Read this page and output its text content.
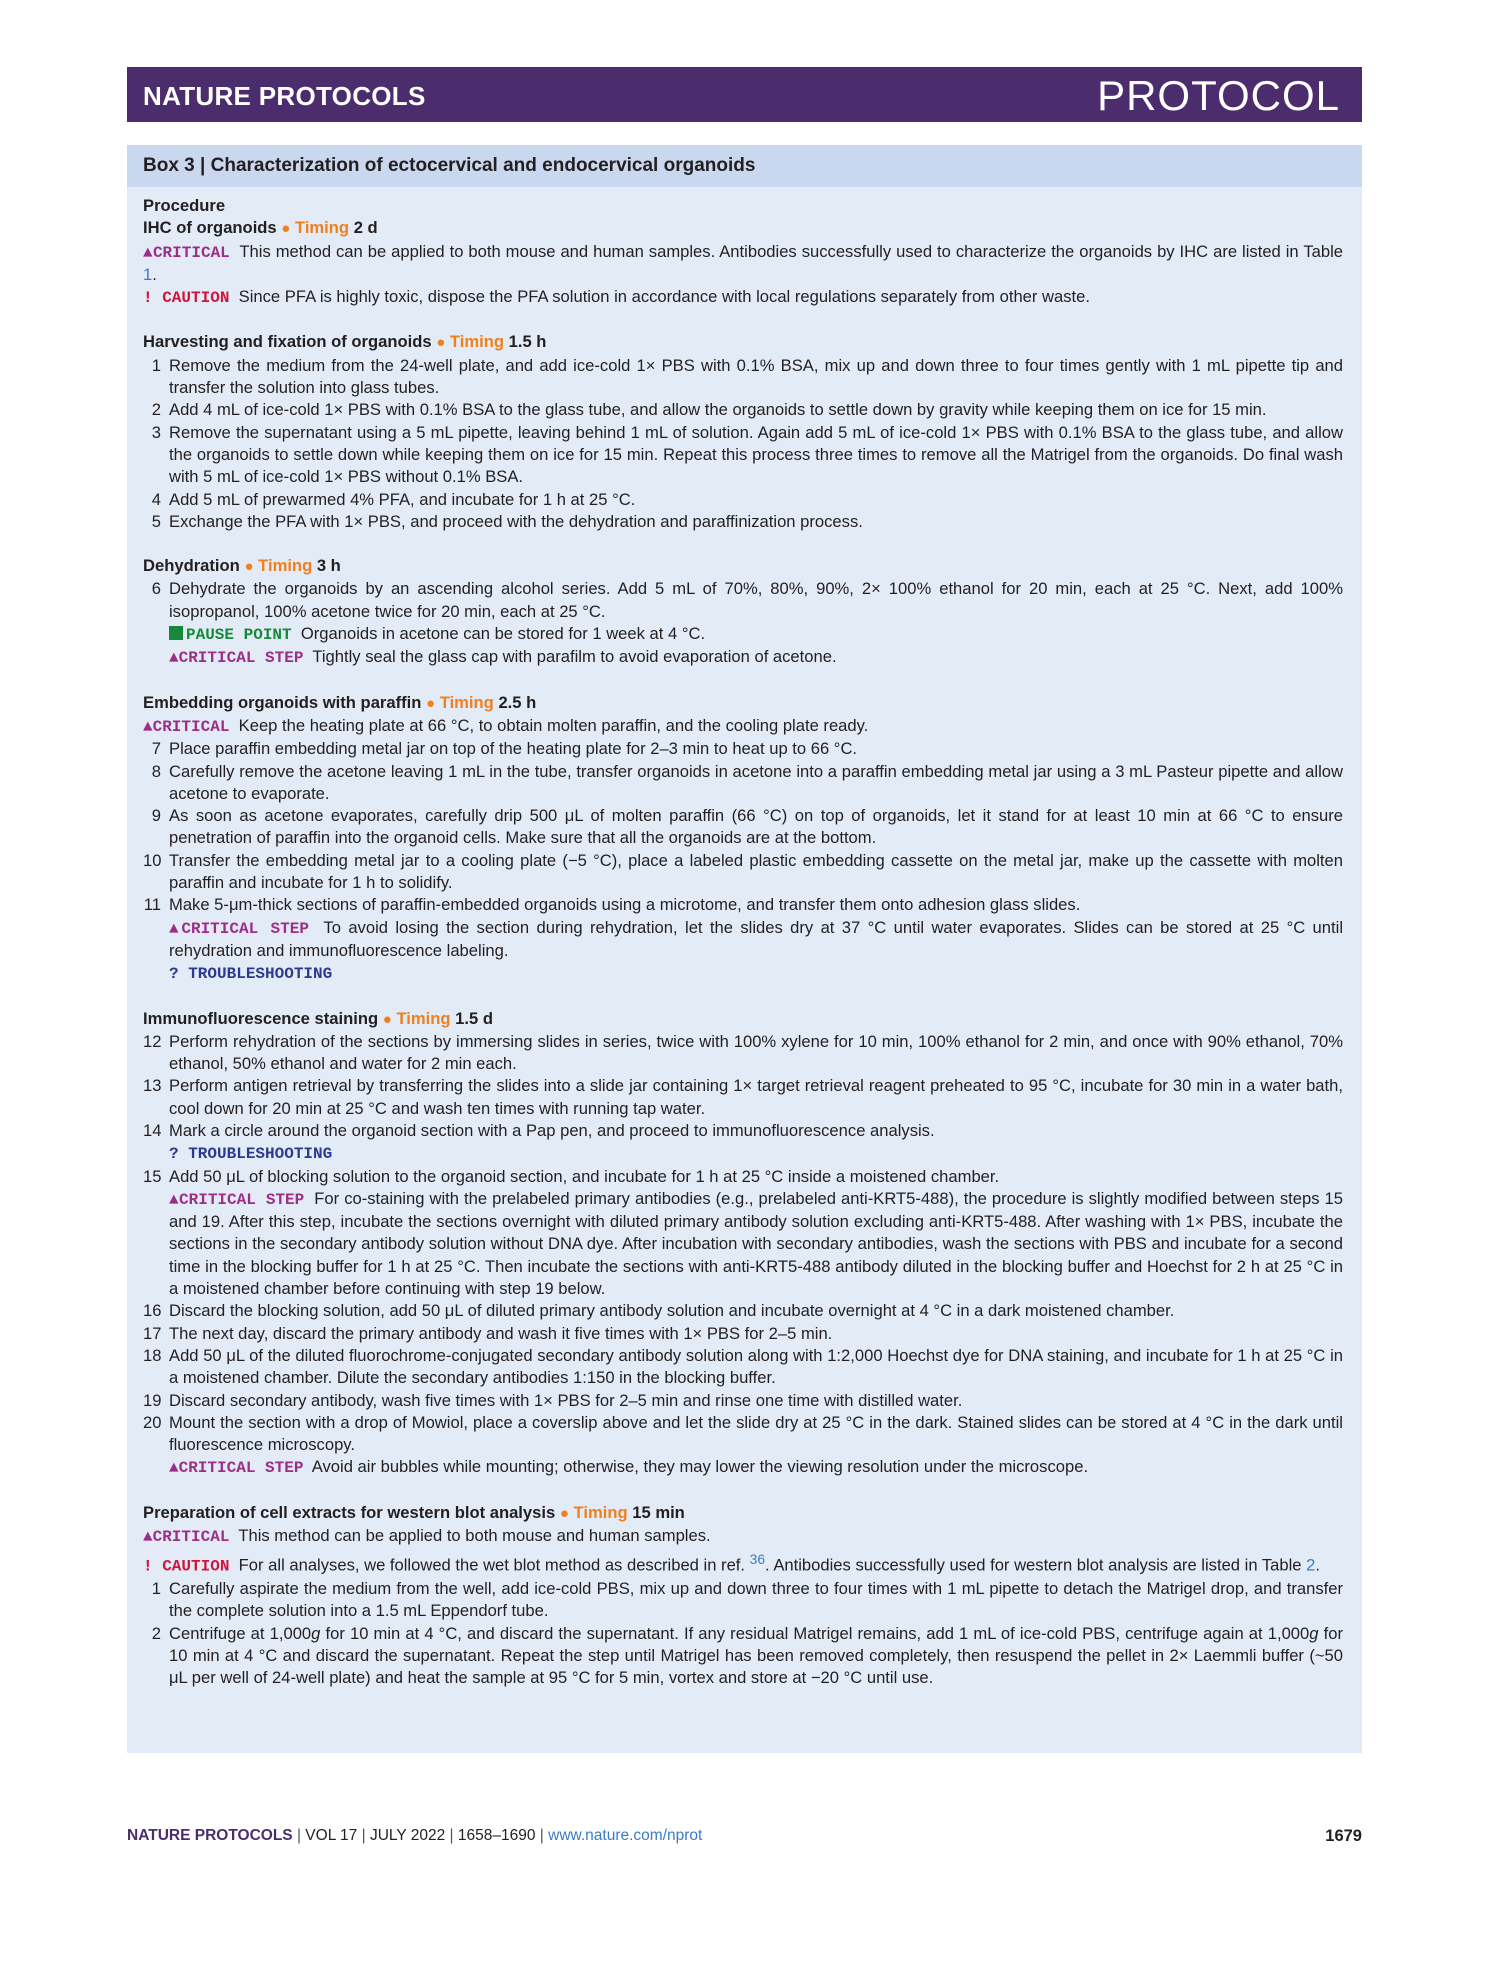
NATURE PROTOCOLS	PROTOCOL
Box 3 | Characterization of ectocervical and endocervical organoids

Procedure

IHC of organoids ● Timing 2 d

▲CRITICAL This method can be applied to both mouse and human samples. Antibodies successfully used to characterize the organoids by IHC are listed in Table 1.

! CAUTION Since PFA is highly toxic, dispose the PFA solution in accordance with local regulations separately from other waste.

Harvesting and fixation of organoids ● Timing 1.5 h

1 Remove the medium from the 24-well plate, and add ice-cold 1× PBS with 0.1% BSA, mix up and down three to four times gently with 1 mL pipette tip and transfer the solution into glass tubes.
2 Add 4 mL of ice-cold 1× PBS with 0.1% BSA to the glass tube, and allow the organoids to settle down by gravity while keeping them on ice for 15 min.
3 Remove the supernatant using a 5 mL pipette, leaving behind 1 mL of solution. Again add 5 mL of ice-cold 1× PBS with 0.1% BSA to the glass tube, and allow the organoids to settle down while keeping them on ice for 15 min. Repeat this process three times to remove all the Matrigel from the organoids. Do final wash with 5 mL of ice-cold 1× PBS without 0.1% BSA.
4 Add 5 mL of prewarmed 4% PFA, and incubate for 1 h at 25 °C.
5 Exchange the PFA with 1× PBS, and proceed with the dehydration and paraffinization process.

Dehydration ● Timing 3 h

6 Dehydrate the organoids by an ascending alcohol series. Add 5 mL of 70%, 80%, 90%, 2× 100% ethanol for 20 min, each at 25 °C. Next, add 100% isopropanol, 100% acetone twice for 20 min, each at 25 °C.
PAUSE POINT Organoids in acetone can be stored for 1 week at 4 °C.
▲CRITICAL STEP Tightly seal the glass cap with parafilm to avoid evaporation of acetone.

Embedding organoids with paraffin ● Timing 2.5 h

▲CRITICAL Keep the heating plate at 66 °C, to obtain molten paraffin, and the cooling plate ready.

7 Place paraffin embedding metal jar on top of the heating plate for 2–3 min to heat up to 66 °C.
8 Carefully remove the acetone leaving 1 mL in the tube, transfer organoids in acetone into a paraffin embedding metal jar using a 3 mL Pasteur pipette and allow acetone to evaporate.
9 As soon as acetone evaporates, carefully drip 500 μL of molten paraffin (66 °C) on top of organoids, let it stand for at least 10 min at 66 °C to ensure penetration of paraffin into the organoid cells. Make sure that all the organoids are at the bottom.
10 Transfer the embedding metal jar to a cooling plate (−5 °C), place a labeled plastic embedding cassette on the metal jar, make up the cassette with molten paraffin and incubate for 1 h to solidify.
11 Make 5-μm-thick sections of paraffin-embedded organoids using a microtome, and transfer them onto adhesion glass slides.
▲CRITICAL STEP To avoid losing the section during rehydration, let the slides dry at 37 °C until water evaporates. Slides can be stored at 25 °C until rehydration and immunofluorescence labeling.
? TROUBLESHOOTING

Immunofluorescence staining ● Timing 1.5 d

12 Perform rehydration of the sections by immersing slides in series, twice with 100% xylene for 10 min, 100% ethanol for 2 min, and once with 90% ethanol, 70% ethanol, 50% ethanol and water for 2 min each.
13 Perform antigen retrieval by transferring the slides into a slide jar containing 1× target retrieval reagent preheated to 95 °C, incubate for 30 min in a water bath, cool down for 20 min at 25 °C and wash ten times with running tap water.
14 Mark a circle around the organoid section with a Pap pen, and proceed to immunofluorescence analysis.
? TROUBLESHOOTING
15 Add 50 μL of blocking solution to the organoid section, and incubate for 1 h at 25 °C inside a moistened chamber.
▲CRITICAL STEP For co-staining with the prelabeled primary antibodies (e.g., prelabeled anti-KRT5-488), the procedure is slightly modified between steps 15 and 19. After this step, incubate the sections overnight with diluted primary antibody solution excluding anti-KRT5-488. After washing with 1× PBS, incubate the sections in the secondary antibody solution without DNA dye. After incubation with secondary antibodies, wash the sections with PBS and incubate for a second time in the blocking buffer for 1 h at 25 °C. Then incubate the sections with anti-KRT5-488 antibody diluted in the blocking buffer and Hoechst for 2 h at 25 °C in a moistened chamber before continuing with step 19 below.
16 Discard the blocking solution, add 50 μL of diluted primary antibody solution and incubate overnight at 4 °C in a dark moistened chamber.
17 The next day, discard the primary antibody and wash it five times with 1× PBS for 2–5 min.
18 Add 50 μL of the diluted fluorochrome-conjugated secondary antibody solution along with 1:2,000 Hoechst dye for DNA staining, and incubate for 1 h at 25 °C in a moistened chamber. Dilute the secondary antibodies 1:150 in the blocking buffer.
19 Discard secondary antibody, wash five times with 1× PBS for 2–5 min and rinse one time with distilled water.
20 Mount the section with a drop of Mowiol, place a coverslip above and let the slide dry at 25 °C in the dark. Stained slides can be stored at 4 °C in the dark until fluorescence microscopy.
▲CRITICAL STEP Avoid air bubbles while mounting; otherwise, they may lower the viewing resolution under the microscope.

Preparation of cell extracts for western blot analysis ● Timing 15 min

▲CRITICAL This method can be applied to both mouse and human samples.

! CAUTION For all analyses, we followed the wet blot method as described in ref. $^{36}$. Antibodies successfully used for western blot analysis are listed in Table 2.

1 Carefully aspirate the medium from the well, add ice-cold PBS, mix up and down three to four times with 1 mL pipette to detach the Matrigel drop, and transfer the complete solution into a 1.5 mL Eppendorf tube.
2 Centrifuge at 1,000g for 10 min at 4 °C, and discard the supernatant. If any residual Matrigel remains, add 1 mL of ice-cold PBS, centrifuge again at 1,000g for 10 min at 4 °C and discard the supernatant. Repeat the step until Matrigel has been removed completely, then resuspend the pellet in 2× Laemmli buffer (~50 μL per well of 24-well plate) and heat the sample at 95 °C for 5 min, vortex and store at −20 °C until use.
NATURE PROTOCOLS | VOL 17 | JULY 2022 | 1658–1690 | www.nature.com/nprot	1679
